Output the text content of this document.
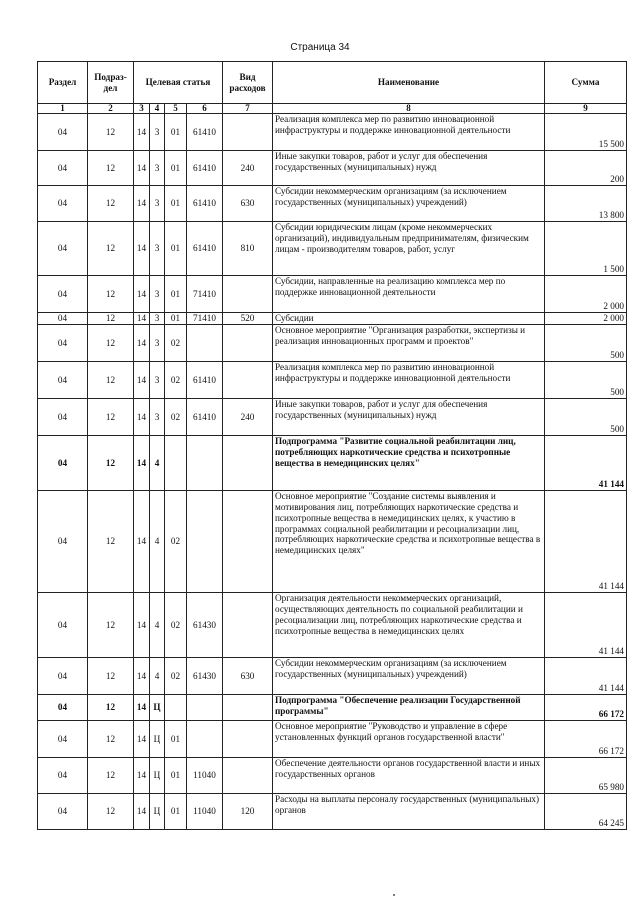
Страница 34
Раздел	Подраз-дел	Целевая статья				Вид расходов	Наименование	Сумма
1	2	3	4	5	6	7	8	9
04	12	14	3	01	61410		Реализация комплекса мер по развитию инновационной инфраструктуры и поддержке инновационной деятельности	15 500
04	12	14	3	01	61410	240	Иные закупки товаров, работ и услуг для обеспечения государственных (муниципальных) нужд	200
04	12	14	3	01	61410	630	Субсидии некоммерческим организациям (за исключением государственных (муниципальных) учреждений)	13 800
04	12	14	3	01	61410	810	Субсидии юридическим лицам (кроме некоммерческих организаций), индивидуальным предпринимателям, физическим лицам - производителям товаров, работ, услуг	1 500
04	12	14	3	01	71410		Субсидии, направленные на реализацию комплекса мер по поддержке инновационной деятельности	2 000
04	12	14	3	01	71410	520	Субсидии	2 000
04	12	14	3	02			Основное мероприятие "Организация разработки, экспертизы и реализация инновационных программ и проектов"	500
04	12	14	3	02	61410		Реализация комплекса мер по развитию инновационной инфраструктуры и поддержке инновационной деятельности	500
04	12	14	3	02	61410	240	Иные закупки товаров, работ и услуг для обеспечения государственных (муниципальных) нужд	500
04	12	14	4				Подпрограмма "Развитие социальной реабилитации лиц, потребляющих наркотические средства и психотропные вещества в немедицинских целях"	41 144
04	12	14	4	02			Основное мероприятие "Создание системы выявления и мотивирования лиц, потребляющих наркотические средства и психотропные вещества в немедицинских целях, к участию в программах социальной реабилитации и ресоциализации лиц, потребляющих наркотические средства и психотропные вещества в немедицинских целях"	41 144
04	12	14	4	02	61430		Организация деятельности некоммерческих организаций, осуществляющих деятельность по социальной реабилитации и ресоциализации лиц, потребляющих наркотические средства и психотропные вещества в немедицинских целях	41 144
04	12	14	4	02	61430	630	Субсидии некоммерческим организациям (за исключением государственных (муниципальных) учреждений)	41 144
04	12	14	Ц				Подпрограмма "Обеспечение реализации Государственной программы"	66 172
04	12	14	Ц	01			Основное мероприятие "Руководство и управление в сфере установленных функций органов государственной власти"	66 172
04	12	14	Ц	01	11040		Обеспечение деятельности органов государственной власти и иных государственных органов	65 980
04	12	14	Ц	01	11040	120	Расходы на выплаты персоналу государственных (муниципальных) органов	64 245
